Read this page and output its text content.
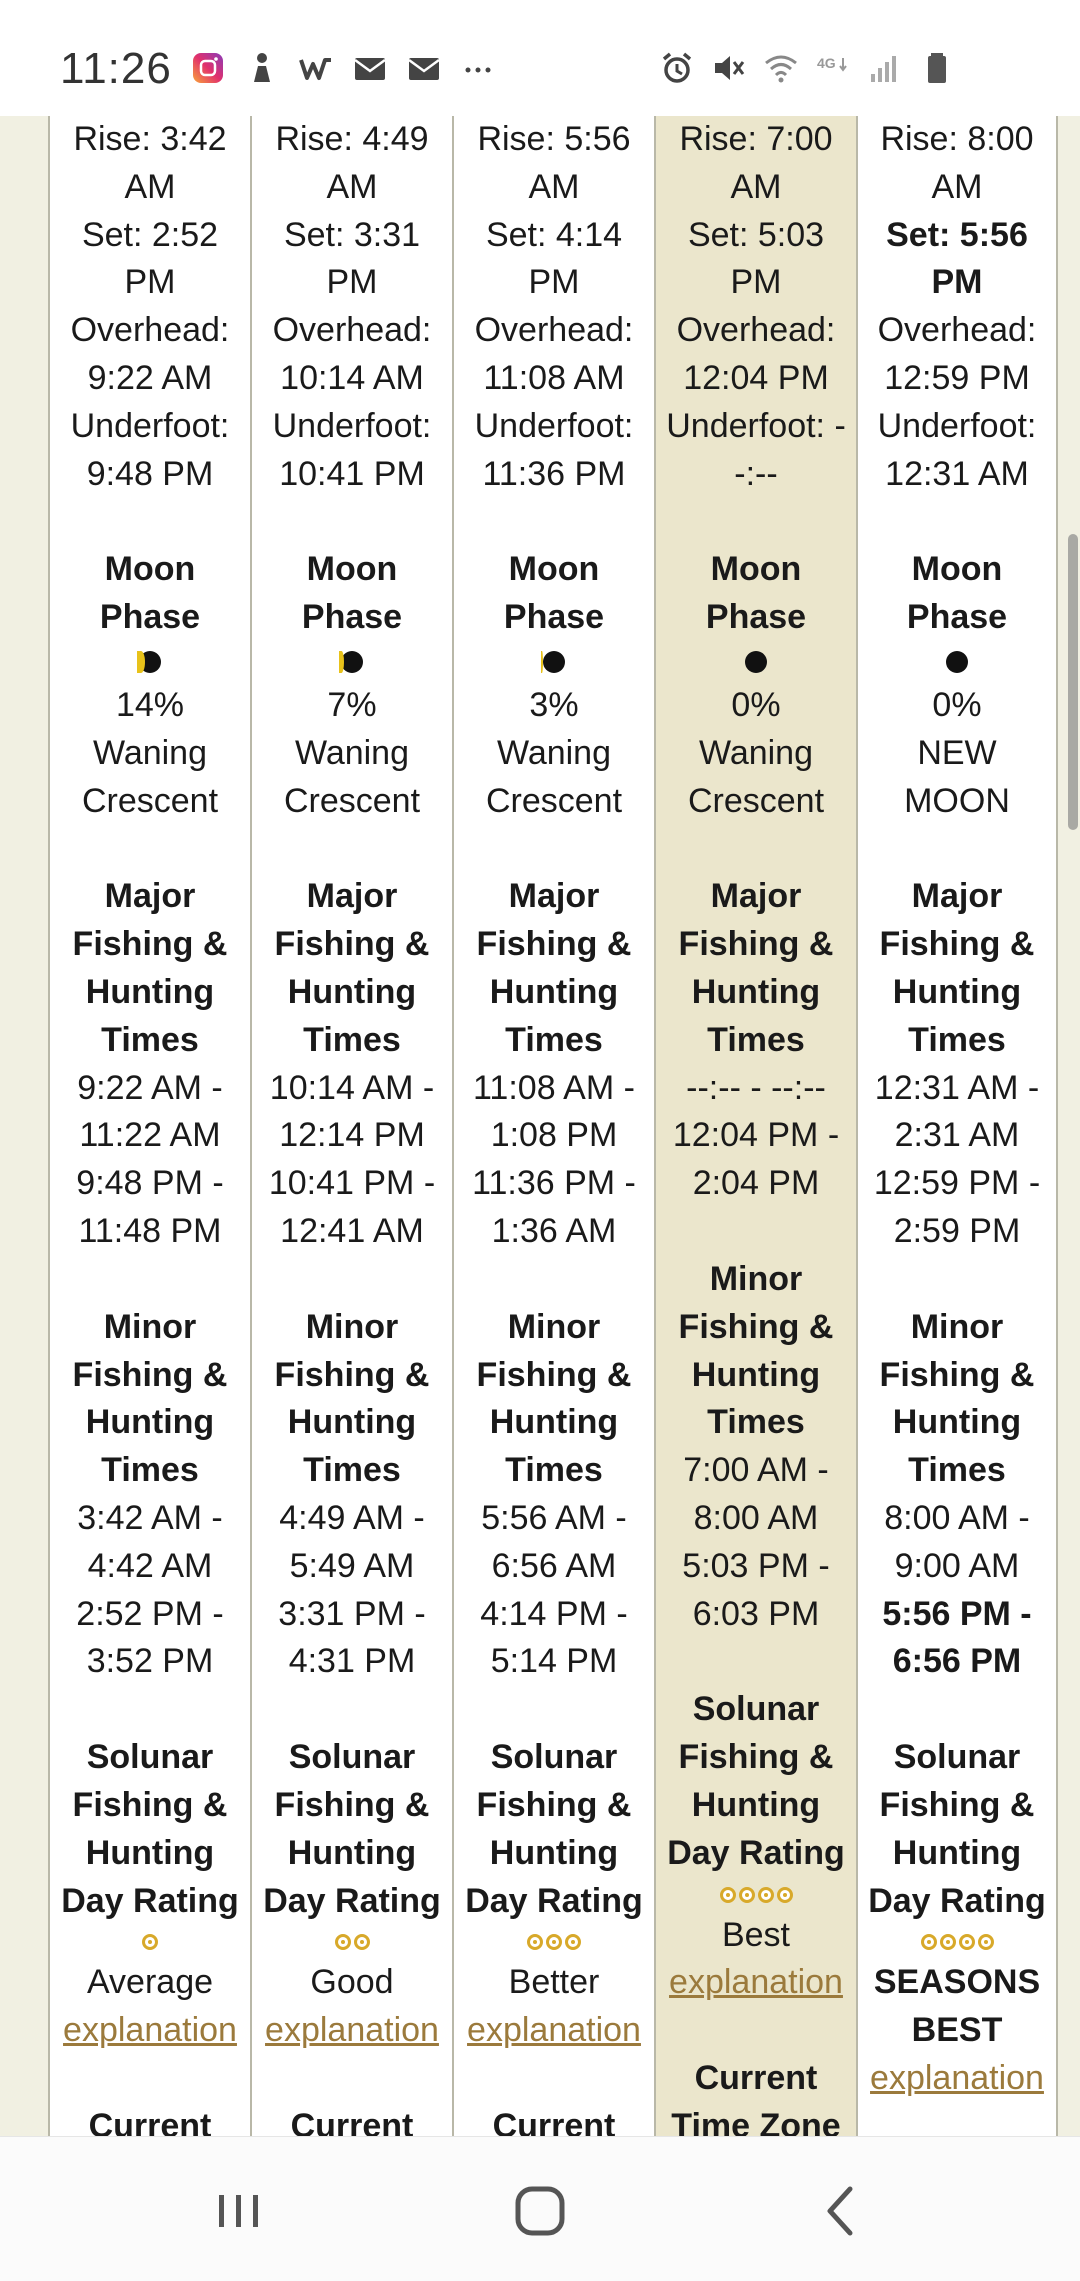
11:26	4G
Rise: 3:42
AM
Set: 2:52
PM
Overhead:
9:22 AM
Underfoot:
9:48 PM
Moon
Phase
14%
Waning
Crescent
Major
Fishing &
Hunting
Times
9:22 AM -
11:22 AM
9:48 PM -
11:48 PM
Minor
Fishing &
Hunting
Times
3:42 AM -
4:42 AM
2:52 PM -
3:52 PM
Solunar
Fishing &
Hunting
Day Rating
Average
explanation
Current
Rise: 4:49
AM
Set: 3:31
PM
Overhead:
10:14 AM
Underfoot:
10:41 PM
Moon
Phase
7%
Waning
Crescent
Major
Fishing &
Hunting
Times
10:14 AM -
12:14 PM
10:41 PM -
12:41 AM
Minor
Fishing &
Hunting
Times
4:49 AM -
5:49 AM
3:31 PM -
4:31 PM
Solunar
Fishing &
Hunting
Day Rating
Good
explanation
Current
Rise: 5:56
AM
Set: 4:14
PM
Overhead:
11:08 AM
Underfoot:
11:36 PM
Moon
Phase
3%
Waning
Crescent
Major
Fishing &
Hunting
Times
11:08 AM -
1:08 PM
11:36 PM -
1:36 AM
Minor
Fishing &
Hunting
Times
5:56 AM -
6:56 AM
4:14 PM -
5:14 PM
Solunar
Fishing &
Hunting
Day Rating
Better
explanation
Current
Rise: 7:00
AM
Set: 5:03
PM
Overhead:
12:04 PM
Underfoot: -
-:--
Moon
Phase
0%
Waning
Crescent
Major
Fishing &
Hunting
Times
--:-- - --:--
12:04 PM -
2:04 PM
Minor
Fishing &
Hunting
Times
7:00 AM -
8:00 AM
5:03 PM -
6:03 PM
Solunar
Fishing &
Hunting
Day Rating
Best
explanation
Current
Time Zone
Rise: 8:00
AM
Set: 5:56
PM
Overhead:
12:59 PM
Underfoot:
12:31 AM
Moon
Phase
0%
NEW
MOON
Major
Fishing &
Hunting
Times
12:31 AM -
2:31 AM
12:59 PM -
2:59 PM
Minor
Fishing &
Hunting
Times
8:00 AM -
9:00 AM
5:56 PM -
6:56 PM
Solunar
Fishing &
Hunting
Day Rating
SEASONS
BEST
explanation
